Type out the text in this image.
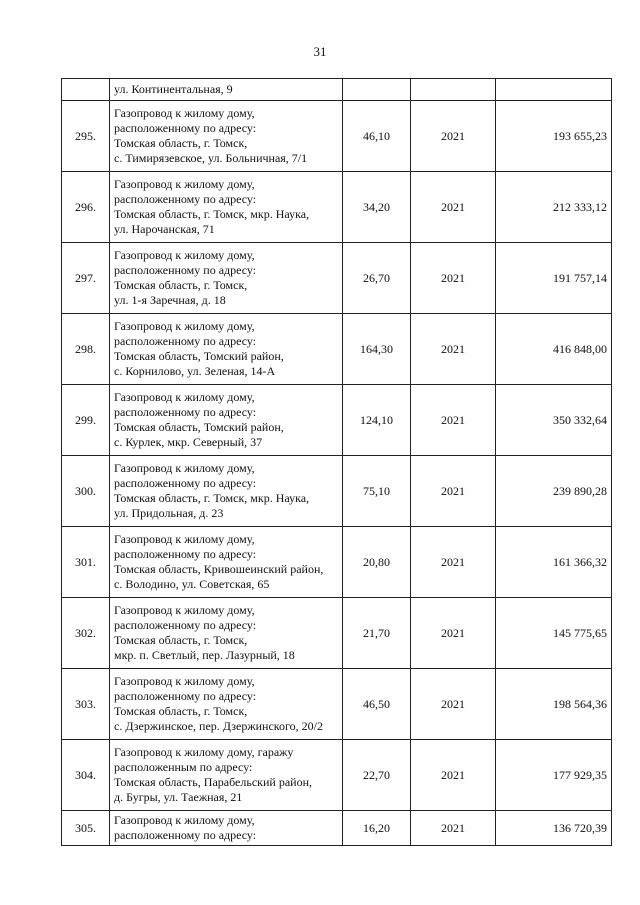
31

	ул. Континентальная, 9			

295.	Газопровод к жилому дому,
расположенному по адресу:
Томская область, г. Томск,
с. Тимирязевское, ул. Больничная, 7/1	46,10	2021	193 655,23
296.	Газопровод к жилому дому,
расположенному по адресу:
Томская область, г. Томск, мкр. Наука,
ул. Нарочанская, 71	34,20	2021	212 333,12
297.	Газопровод к жилому дому,
расположенному по адресу:
Томская область, г. Томск,
ул. 1-я Заречная, д. 18	26,70	2021	191 757,14
298.	Газопровод к жилому дому,
расположенному по адресу:
Томская область, Томский район,
с. Корнилово, ул. Зеленая, 14-А	164,30	2021	416 848,00
299.	Газопровод к жилому дому,
расположенному по адресу:
Томская область, Томский район,
с. Курлек, мкр. Северный, 37	124,10	2021	350 332,64
300.	Газопровод к жилому дому,
расположенному по адресу:
Томская область, г. Томск, мкр. Наука,
ул. Придольная, д. 23	75,10	2021	239 890,28
301.	Газопровод к жилому дому,
расположенному по адресу:
Томская область, Кривошеинский район,
с. Володино, ул. Советская, 65	20,80	2021	161 366,32
302.	Газопровод к жилому дому,
расположенному по адресу:
Томская область, г. Томск,
мкр. п. Светлый, пер. Лазурный, 18	21,70	2021	145 775,65
303.	Газопровод к жилому дому,
расположенному по адресу:
Томская область, г. Томск,
с. Дзержинское, пер. Дзержинского, 20/2	46,50	2021	198 564,36
304.	Газопровод к жилому дому, гаражу
расположенным по адресу:
Томская область, Парабельский район,
д. Бугры, ул. Таежная, 21	22,70	2021	177 929,35
305.	Газопровод к жилому дому,
расположенному по адресу:	16,20	2021	136 720,39
